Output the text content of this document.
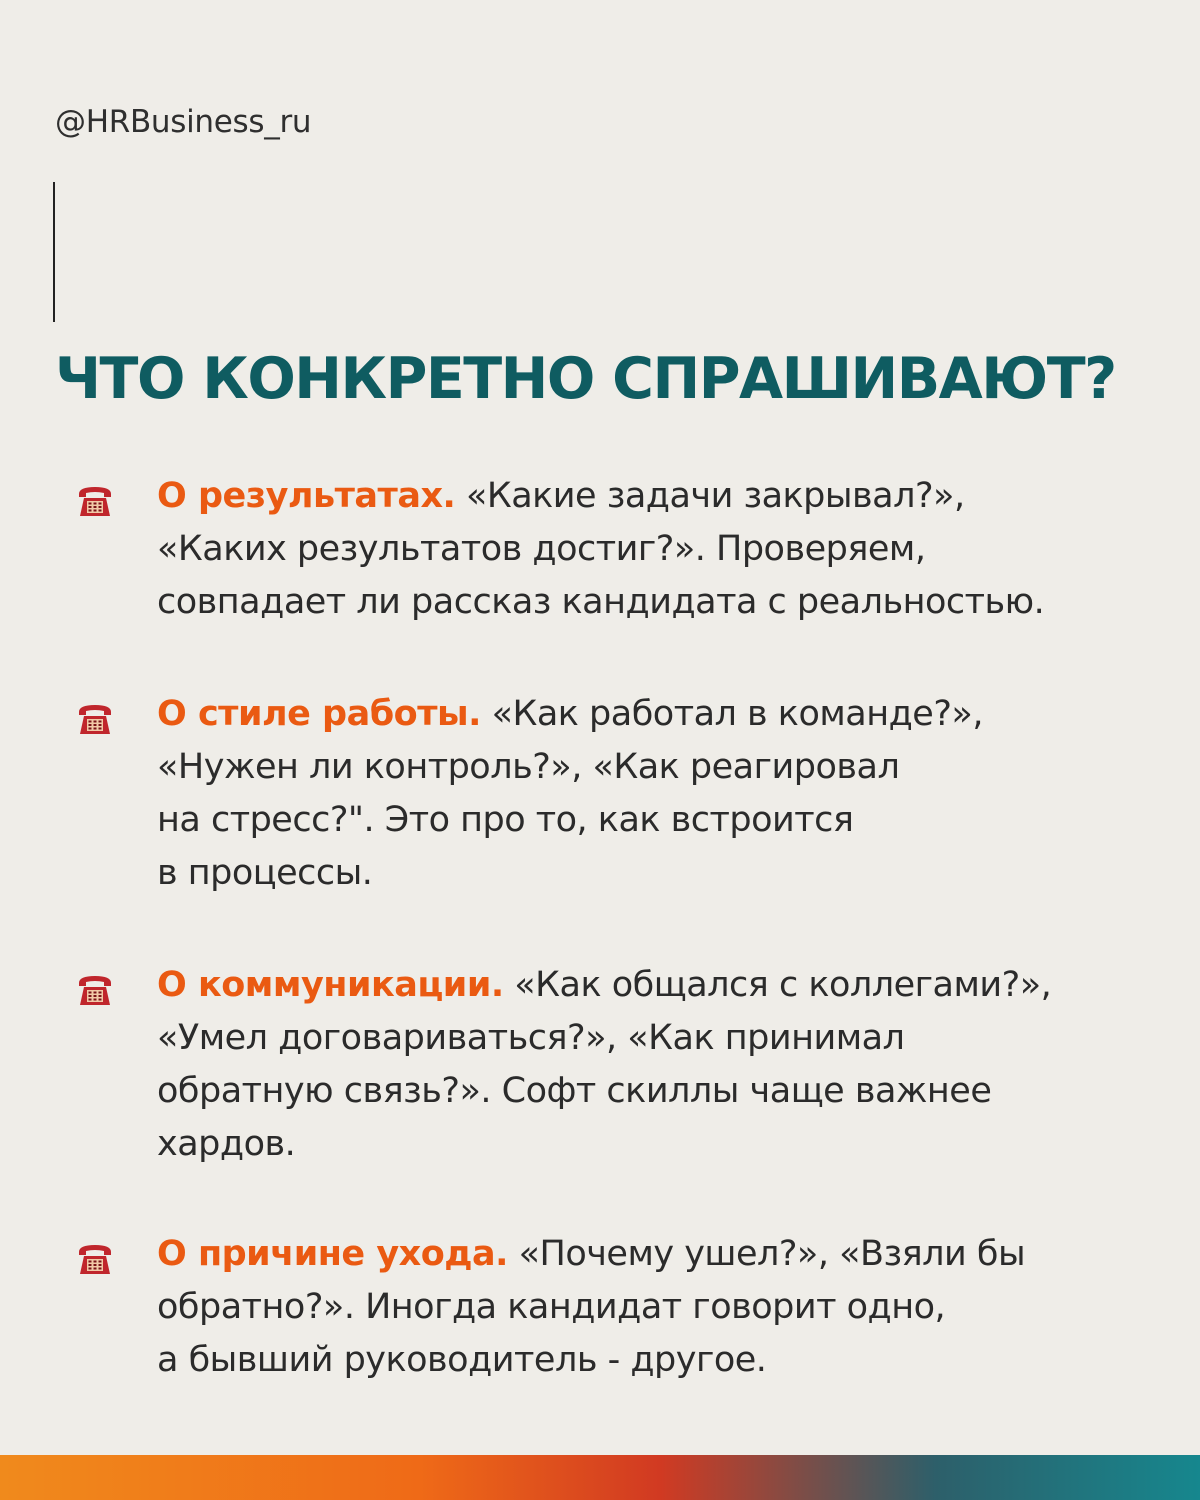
@HRBusiness_ru
ЧТО КОНКРЕТНО СПРАШИВАЮТ?
О результатах. «Какие задачи закрывал?»,
«Каких результатов достиг?». Проверяем,
совпадает ли рассказ кандидата с реальностью.
О стиле работы. «Как работал в команде?»,
«Нужен ли контроль?», «Как реагировал
на стресс?". Это про то, как встроится
в процессы.
О коммуникации. «Как общался с коллегами?»,
«Умел договариваться?», «Как принимал
обратную связь?». Софт скиллы чаще важнее
хардов.
О причине ухода. «Почему ушел?», «Взяли бы
обратно?». Иногда кандидат говорит одно,
а бывший руководитель - другое.
